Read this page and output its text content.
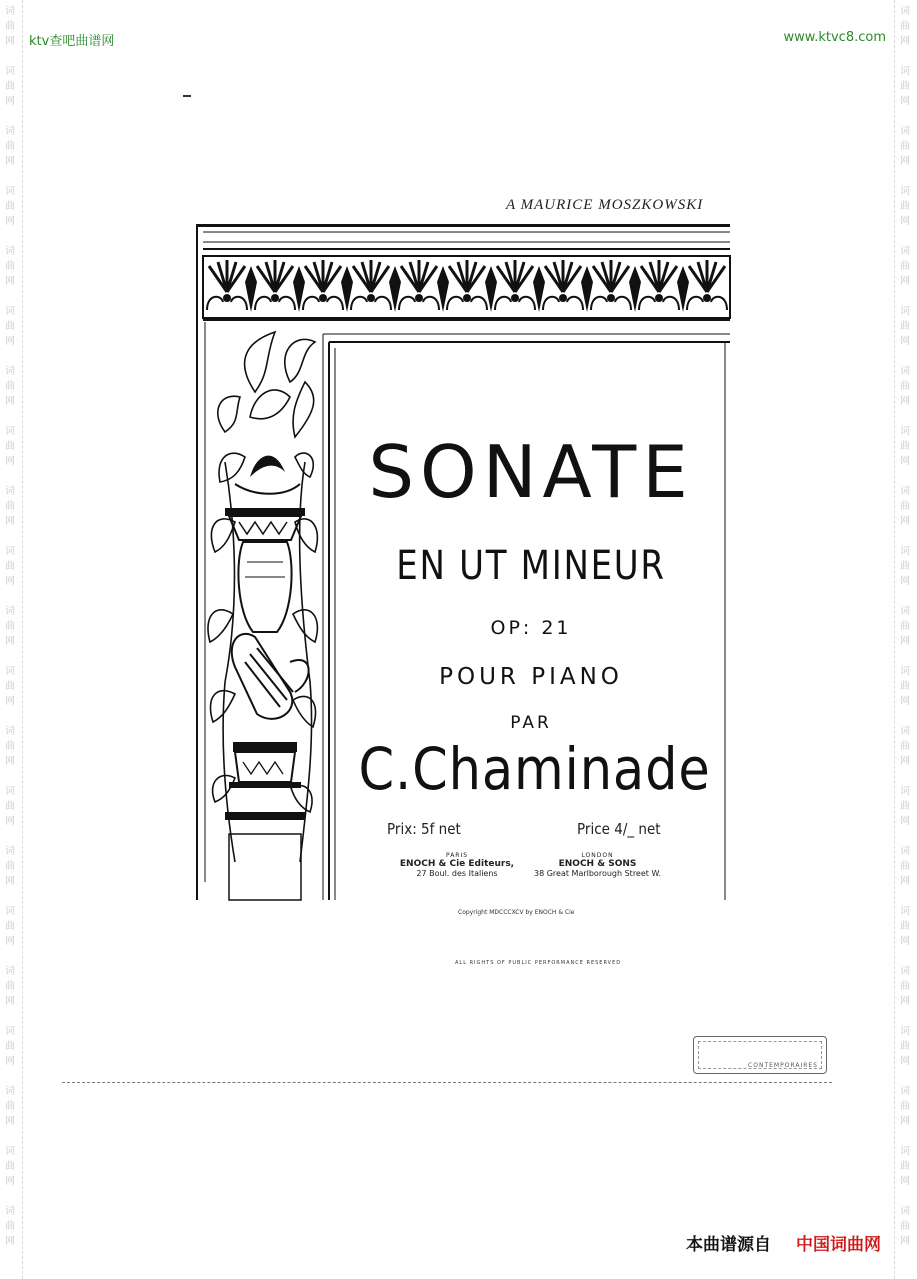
词
曲
网
词
曲
网
词
曲
网
词
曲
网
词
曲
网
词
曲
网
词
曲
网
词
曲
网
词
曲
网
词
曲
网
词
曲
网
词
曲
网
词
曲
网
词
曲
网
词
曲
网
词
曲
网
词
曲
网
词
曲
网
词
曲
网
词
曲
网
词
曲
网
词
曲
网
词
曲
网
词
曲
网
词
曲
网
词
曲
网
词
曲
网
词
曲
网
词
曲
网
词
曲
网
词
曲
网
词
曲
网
词
曲
网
词
曲
网
词
曲
网
词
曲
网
词
曲
网
词
曲
网
词
曲
网
词
曲
网
词
曲
网
词
曲
网
ktv查吧曲谱网	www.ktvc8.com
A MAURICE MOSZKOWSKI
SONATE
EN UT MINEUR
OP: 21
POUR PIANO
PAR
C.Chaminade
Prix: 5f net	Price 4/_ net
PARIS
ENOCH & Cie Editeurs,
27 Boul. des Italiens
LONDON
ENOCH & SONS
38 Great Marlborough Street W.
Copyright MDCCCXCV by ENOCH & Cie
ALL RIGHTS OF PUBLIC PERFORMANCE RESERVED
CONTEMPORAIRES
本曲谱源自 中国词曲网
